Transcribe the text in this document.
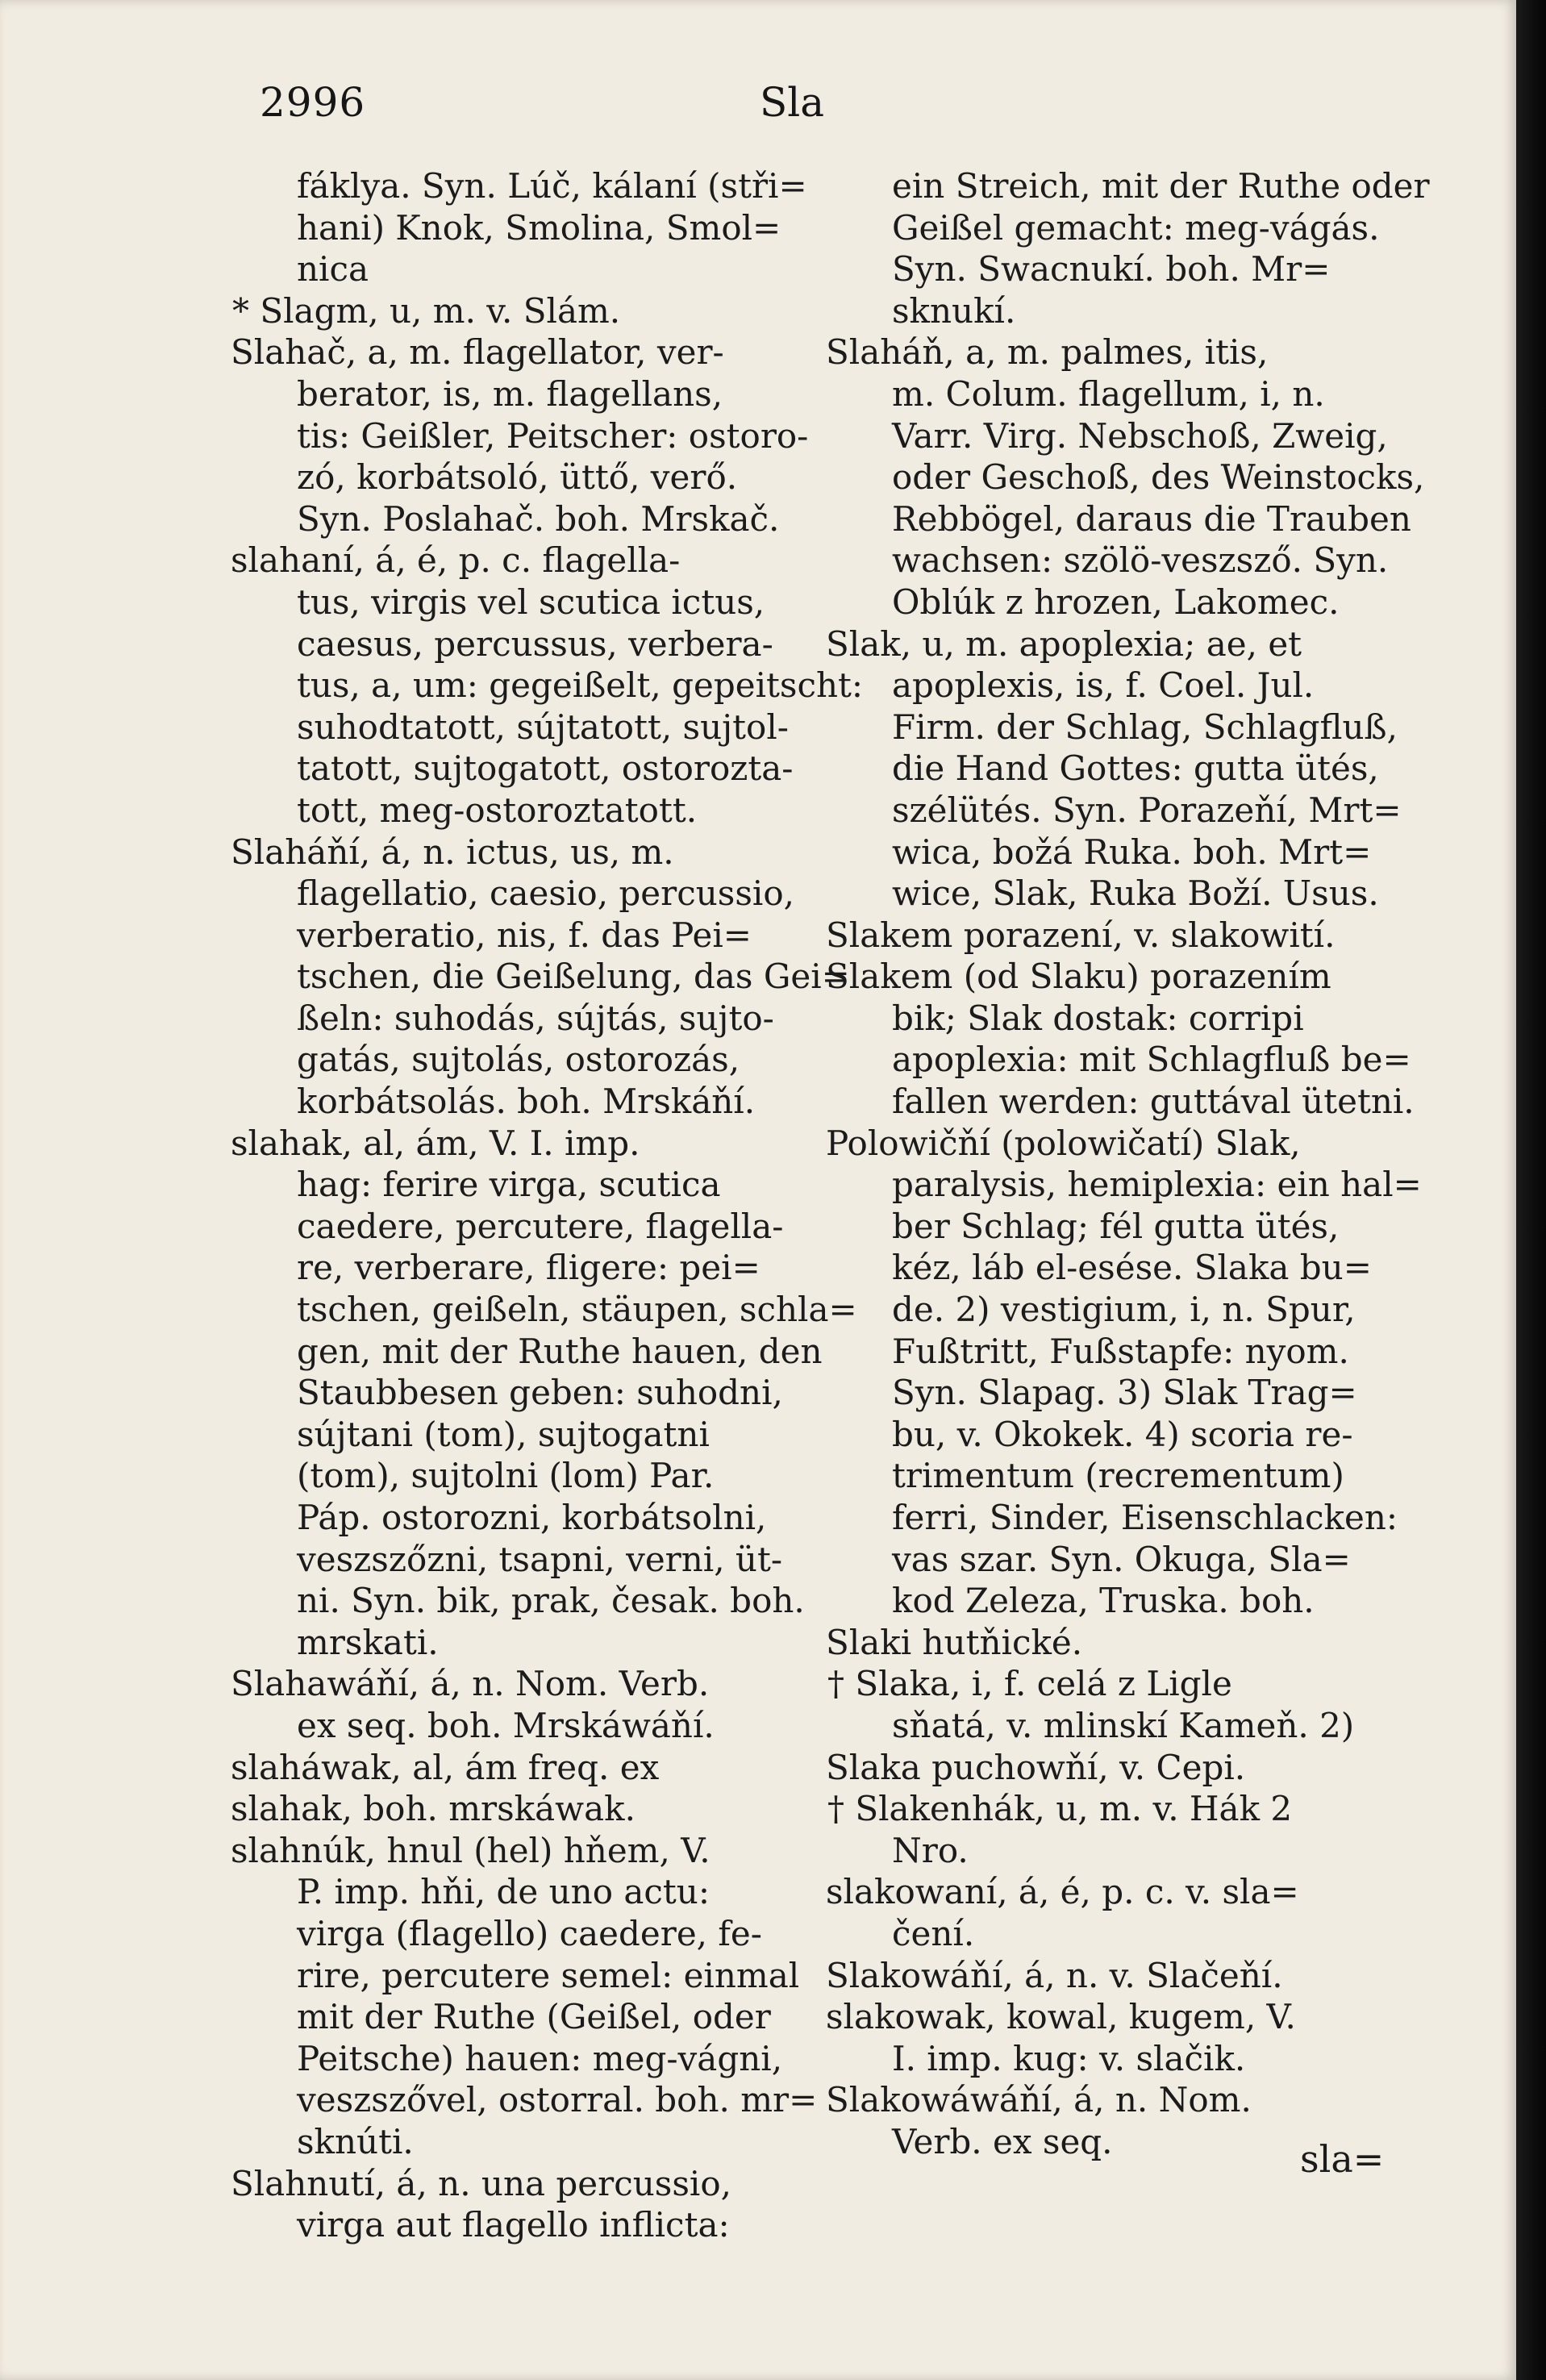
2996	Sla
fáklya. Syn. Lúč, kálaní (stři=
hani) Knok, Smolina, Smol=
nica
* Slagm, u, m. v. Slám.
Slahač, a, m. flagellator, ver-
berator, is, m. flagellans,
tis: Geißler, Peitscher: ostoro-
zó, korbátsoló, üttő, verő.
Syn. Poslahač. boh. Mrskač.
slahaní, á, é, p. c. flagella-
tus, virgis vel scutica ictus,
caesus, percussus, verbera-
tus, a, um: gegeißelt, gepeitscht:
suhodtatott, sújtatott, sujtol-
tatott, sujtogatott, ostorozta-
tott, meg-ostoroztatott.
Slaháňí, á, n. ictus, us, m.
flagellatio, caesio, percussio,
verberatio, nis, f. das Pei=
tschen, die Geißelung, das Gei=
ßeln: suhodás, sújtás, sujto-
gatás, sujtolás, ostorozás,
korbátsolás. boh. Mrskáňí.
slahak, al, ám, V. I. imp.
hag: ferire virga, scutica
caedere, percutere, flagella-
re, verberare, fligere: pei=
tschen, geißeln, stäupen, schla=
gen, mit der Ruthe hauen, den
Staubbesen geben: suhodni,
sújtani (tom), sujtogatni
(tom), sujtolni (lom) Par.
Páp. ostorozni, korbátsolni,
veszszőzni, tsapni, verni, üt-
ni. Syn. bik, prak, česak. boh.
mrskati.
Slahawáňí, á, n. Nom. Verb.
ex seq. boh. Mrskáwáňí.
slaháwak, al, ám freq. ex
slahak, boh. mrskáwak.
slahnúk, hnul (hel) hňem, V.
P. imp. hňi, de uno actu:
virga (flagello) caedere, fe-
rire, percutere semel: einmal
mit der Ruthe (Geißel, oder
Peitsche) hauen: meg-vágni,
veszszővel, ostorral. boh. mr=
sknúti.
Slahnutí, á, n. una percussio,
virga aut flagello inflicta:
ein Streich, mit der Ruthe oder
Geißel gemacht: meg-vágás.
Syn. Swacnukí. boh. Mr=
sknukí.
Slaháň, a, m. palmes, itis,
m. Colum. flagellum, i, n.
Varr. Virg. Nebschoß, Zweig,
oder Geschoß, des Weinstocks,
Rebbögel, daraus die Trauben
wachsen: szölö-veszsző. Syn.
Oblúk z hrozen, Lakomec.
Slak, u, m. apoplexia; ae, et
apoplexis, is, f. Coel. Jul.
Firm. der Schlag, Schlagfluß,
die Hand Gottes: gutta ütés,
szélütés. Syn. Porazeňí, Mrt=
wica, božá Ruka. boh. Mrt=
wice, Slak, Ruka Boží. Usus.
Slakem porazení, v. slakowití.
Slakem (od Slaku) porazením
bik; Slak dostak: corripi
apoplexia: mit Schlagfluß be=
fallen werden: guttával ütetni.
Polowičňí (polowičatí) Slak,
paralysis, hemiplexia: ein hal=
ber Schlag; fél gutta ütés,
kéz, láb el-esése. Slaka bu=
de. 2) vestigium, i, n. Spur,
Fußtritt, Fußstapfe: nyom.
Syn. Slapag. 3) Slak Trag=
bu, v. Okokek. 4) scoria re-
trimentum (recrementum)
ferri, Sinder, Eisenschlacken:
vas szar. Syn. Okuga, Sla=
kod Zeleza, Truska. boh.
Slaki hutňické.
† Slaka, i, f. celá z Ligle
sňatá, v. mlinskí Kameň. 2)
Slaka puchowňí, v. Cepi.
† Slakenhák, u, m. v. Hák 2
Nro.
slakowaní, á, é, p. c. v. sla=
čení.
Slakowáňí, á, n. v. Slačeňí.
slakowak, kowal, kugem, V.
I. imp. kug: v. slačik.
Slakowáwáňí, á, n. Nom.
Verb. ex seq.	sla=
